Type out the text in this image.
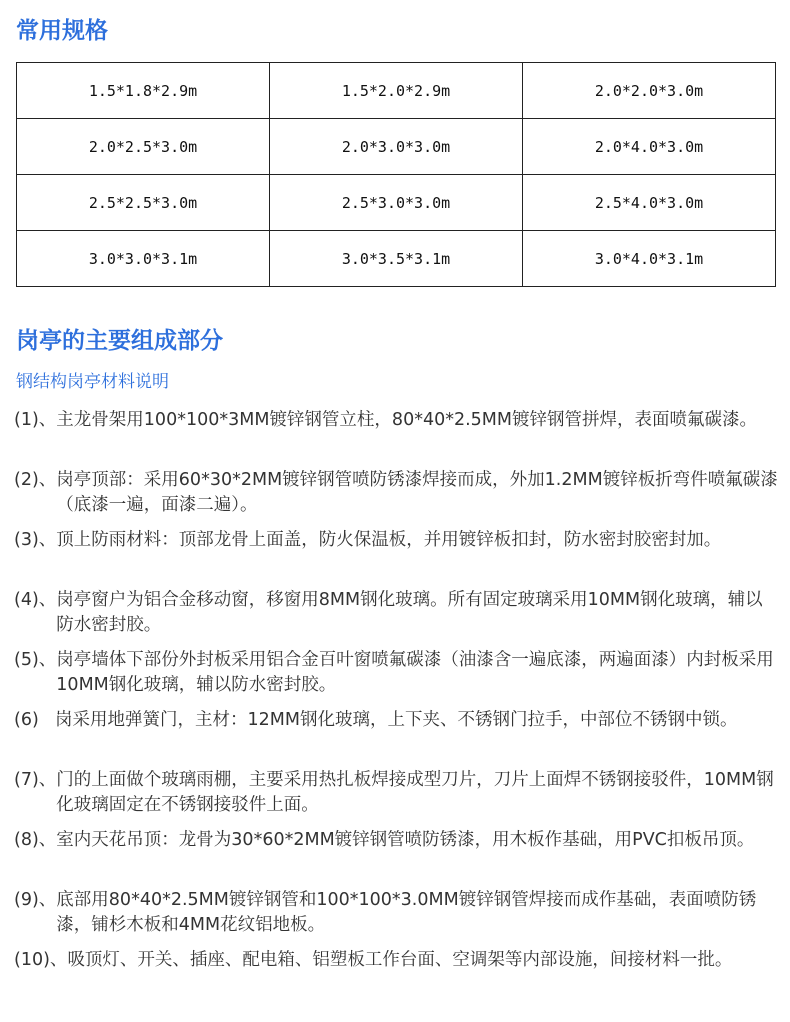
常用规格
1.5*1.8*2.9m	1.5*2.0*2.9m	2.0*2.0*3.0m
2.0*2.5*3.0m	2.0*3.0*3.0m	2.0*4.0*3.0m
2.5*2.5*3.0m	2.5*3.0*3.0m	2.5*4.0*3.0m
3.0*3.0*3.1m	3.0*3.5*3.1m	3.0*4.0*3.1m
岗亭的主要组成部分
钢结构岗亭材料说明
(1)、 主龙骨架用100*100*3MM镀锌钢管立柱，80*40*2.5MM镀锌钢管拼焊，表面喷氟碳漆。
(2)、 岗亭顶部：采用60*30*2MM镀锌钢管喷防锈漆焊接而成，外加1.2MM镀锌板折弯件喷氟碳漆（底漆一遍，面漆二遍）。
(3)、 顶上防雨材料：顶部龙骨上面盖，防火保温板，并用镀锌板扣封，防水密封胶密封加。
(4)、 岗亭窗户为铝合金移动窗，移窗用8MM钢化玻璃。所有固定玻璃采用10MM钢化玻璃，辅以防水密封胶。
(5)、 岗亭墙体下部份外封板采用铝合金百叶窗喷氟碳漆（油漆含一遍底漆，两遍面漆）内封板采用10MM钢化玻璃，辅以防水密封胶。
(6) 岗采用地弹簧门，主材：12MM钢化玻璃，上下夹、不锈钢门拉手，中部位不锈钢中锁。
(7)、 门的上面做个玻璃雨棚，主要采用热扎板焊接成型刀片，刀片上面焊不锈钢接驳件，10MM钢化玻璃固定在不锈钢接驳件上面。
(8)、 室内天花吊顶：龙骨为30*60*2MM镀锌钢管喷防锈漆，用木板作基础，用PVC扣板吊顶。
(9)、 底部用80*40*2.5MM镀锌钢管和100*100*3.0MM镀锌钢管焊接而成作基础，表面喷防锈漆，铺杉木板和4MM花纹铝地板。
(10)、 吸顶灯、开关、插座、配电箱、铝塑板工作台面、空调架等内部设施，间接材料一批。
